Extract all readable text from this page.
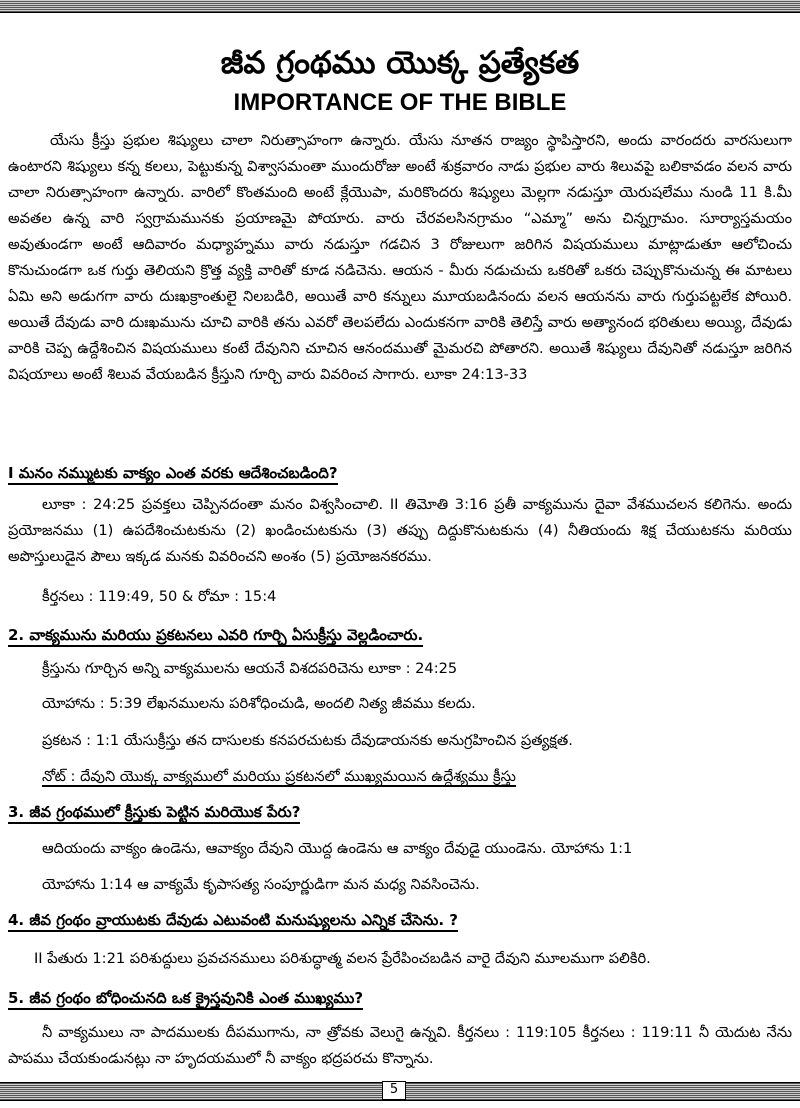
జీవ గ్రంథము యొక్క ప్రత్యేకత
IMPORTANCE OF THE BIBLE

యేసు క్రీస్తు ప్రభుల శిష్యులు చాలా నిరుత్సాహంగా ఉన్నారు. యేసు నూతన రాజ్యం స్థాపిస్తారని, అందు వారందరు వారసులుగా ఉంటారని శిష్యులు కన్న కలలు, పెట్టుకున్న విశ్వాసమంతా ముందురోజు అంటే శుక్రవారం నాడు ప్రభుల వారు శిలువపై బలికావడం వలన వారు చాలా నిరుత్సాహంగా ఉన్నారు. వారిలో కొంతమంది అంటే క్లేయొపా, మరికొందరు శిష్యులు మెల్లగా నడుస్తూ యెరుషలేము నుండి 11 కి.మీ అవతల ఉన్న వారి స్వగ్రామమునకు ప్రయాణమై పోయారు. వారు చేరవలసినగ్రామం “ఎమ్మా” అను చిన్నగ్రామం. సూర్యాస్తమయం అవుతుండగా అంటే ఆదివారం మధ్యాహ్నము వారు నడుస్తూ గడచిన 3 రోజులుగా జరిగిన విషయములు మాట్లాడుతూ ఆలోచించు కొనుచుండగా ఒక గుర్తు తెలియని క్రొత్త వ్యక్తి వారితో కూడ నడిచెను. ఆయన - మీరు నడుచుచు ఒకరితో ఒకరు చెప్పుకొనుచున్న ఈ మాటలు ఏమి అని అడుగగా వారు దుఃఖక్రాంతులై నిలబడిరి, అయితే వారి కన్నులు మూయబడినందు వలన ఆయనను వారు గుర్తుపట్టలేక పోయిరి. అయితే దేవుడు వారి దుఃఖమును చూచి వారికి తను ఎవరో తెలపలేదు ఎందుకనగా వారికి తెలిస్తే వారు అత్యానంద భరితులు అయ్యి, దేవుడు వారికి చెప్ప ఉద్దేశించిన విషయములు కంటే దేవునిని చూచిన ఆనందముతో మైమరచి పోతారని. అయితే శిష్యులు దేవునితో నడుస్తూ జరిగిన విషయాలు అంటే శిలువ వేయబడిన క్రీస్తుని గూర్చి వారు వివరించ సాగారు. లూకా 24:13-33

I మనం నమ్ముటకు వాక్యం ఎంత వరకు ఆదేశించబడింది?

లూకా : 24:25 ప్రవక్తలు చెప్పినదంతా మనం విశ్వసించాలి. II తిమోతి 3:16 ప్రతీ వాక్యమును దైవా వేశముచలన కలిగెను. అందు ప్రయోజనము (1) ఉపదేశించుటకును (2) ఖండించుటకును (3) తప్పు దిద్దుకొనుటకును (4) నీతియందు శిక్ష చేయుటకను మరియు అపొస్తులుడైన పౌలు ఇక్కడ మనకు వివరించని అంశం (5) ప్రయోజనకరము.

కీర్తనలు : 119:49, 50 & రోమా : 15:4
2. వాక్యమును మరియు ప్రకటనలు ఎవరి గూర్చి ఏసుక్రీస్తు వెల్లడించారు.
క్రీస్తును గూర్చిన అన్ని వాక్యములను ఆయనే విశదపరిచెను లూకా : 24:25
యోహాను : 5:39 లేఖనములను పరిశోధించుడి, అందలి నిత్య జీవము కలదు.
ప్రకటన : 1:1 యేసుక్రీస్తు తన దాసులకు కనపరచుటకు దేవుడాయనకు అనుగ్రహించిన ప్రత్యక్షత.
నోట్ : దేవుని యొక్క వాక్యములో మరియు ప్రకటనలో ముఖ్యమయిన ఉద్దేశ్యము క్రీస్తు
3. జీవ గ్రంథములో క్రీస్తుకు పెట్టిన మరియొక పేరు?
ఆదియందు వాక్యం ఉండెను, ఆవాక్యం దేవుని యొద్ద ఉండెను ఆ వాక్యం దేవుడై యుండెను. యోహాను 1:1
యోహాను 1:14 ఆ వాక్యమే కృపాసత్య సంపూర్ణుడిగా మన మధ్య నివసించెను.
4. జీవ గ్రంథం వ్రాయుటకు దేవుడు ఎటువంటి మనుష్యులను ఎన్నిక చేసెను. ?
II పేతురు 1:21 పరిశుద్దులు ప్రవచనములు పరిశుద్ధాత్మ వలన ప్రేరేపించబడిన వారై దేవుని మూలముగా పలికిరి.
5. జీవ గ్రంథం బోధించునది ఒక క్రైస్తవునికి ఎంత ముఖ్యము?

నీ వాక్యములు నా పాదములకు దీపముగాను, నా త్రోవకు వెలుగై ఉన్నవి. కీర్తనలు : 119:105 కీర్తనలు : 119:11 నీ యెదుట నేను పాపము చేయకుండునట్లు నా హృదయములో నీ వాక్యం భద్రపరచు కొన్నాను.

5
